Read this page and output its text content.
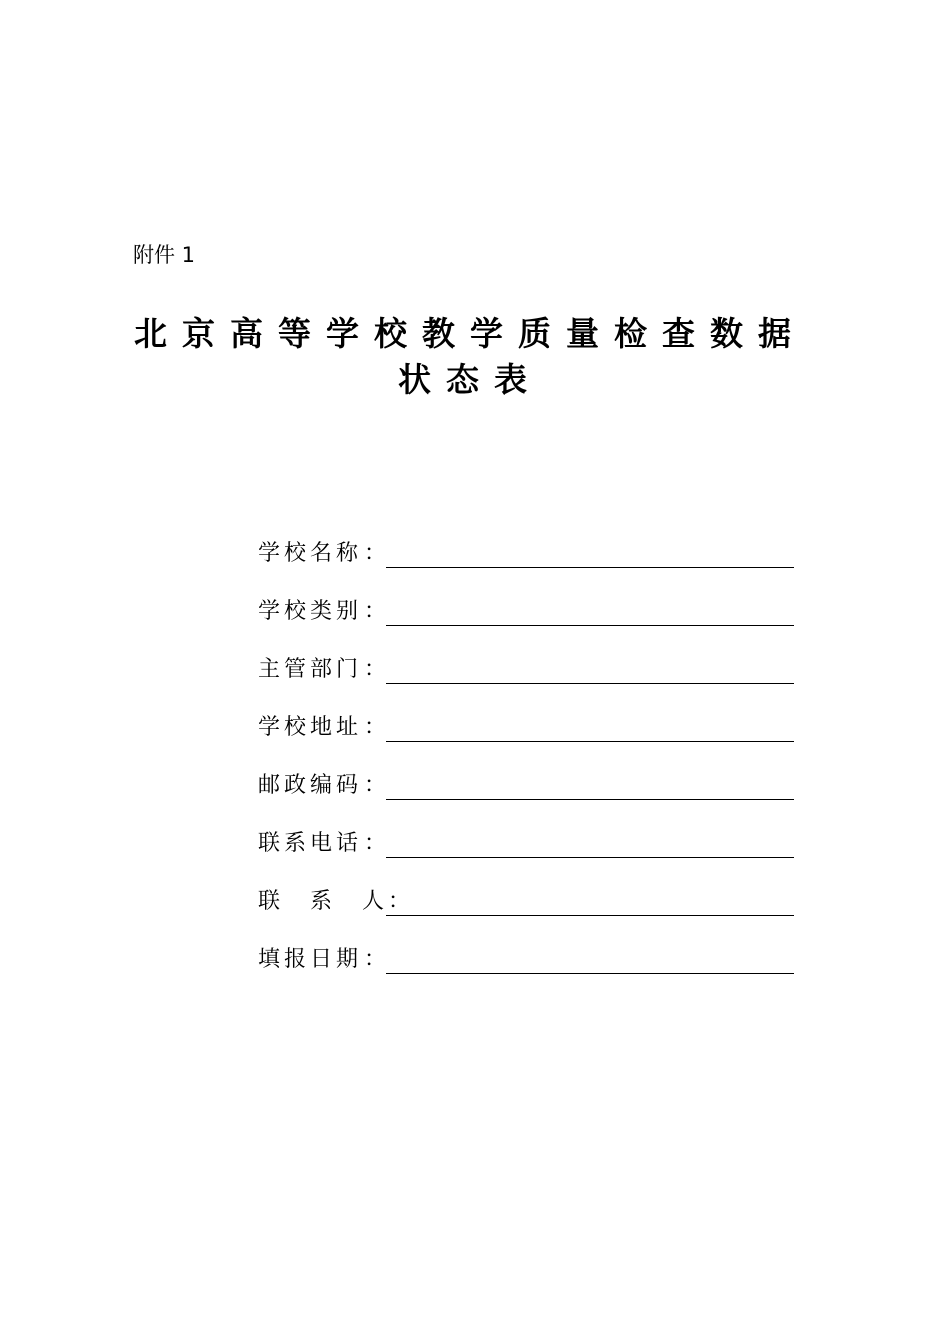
附件 1

北京高等学校教学质量检查数据
状态表
学校名称 ：
学校类别 ：
主管部门 ：
学校地址 ：
邮政编码 ：
联系电话 ：
联　系　人 ：
填报日期 ：
